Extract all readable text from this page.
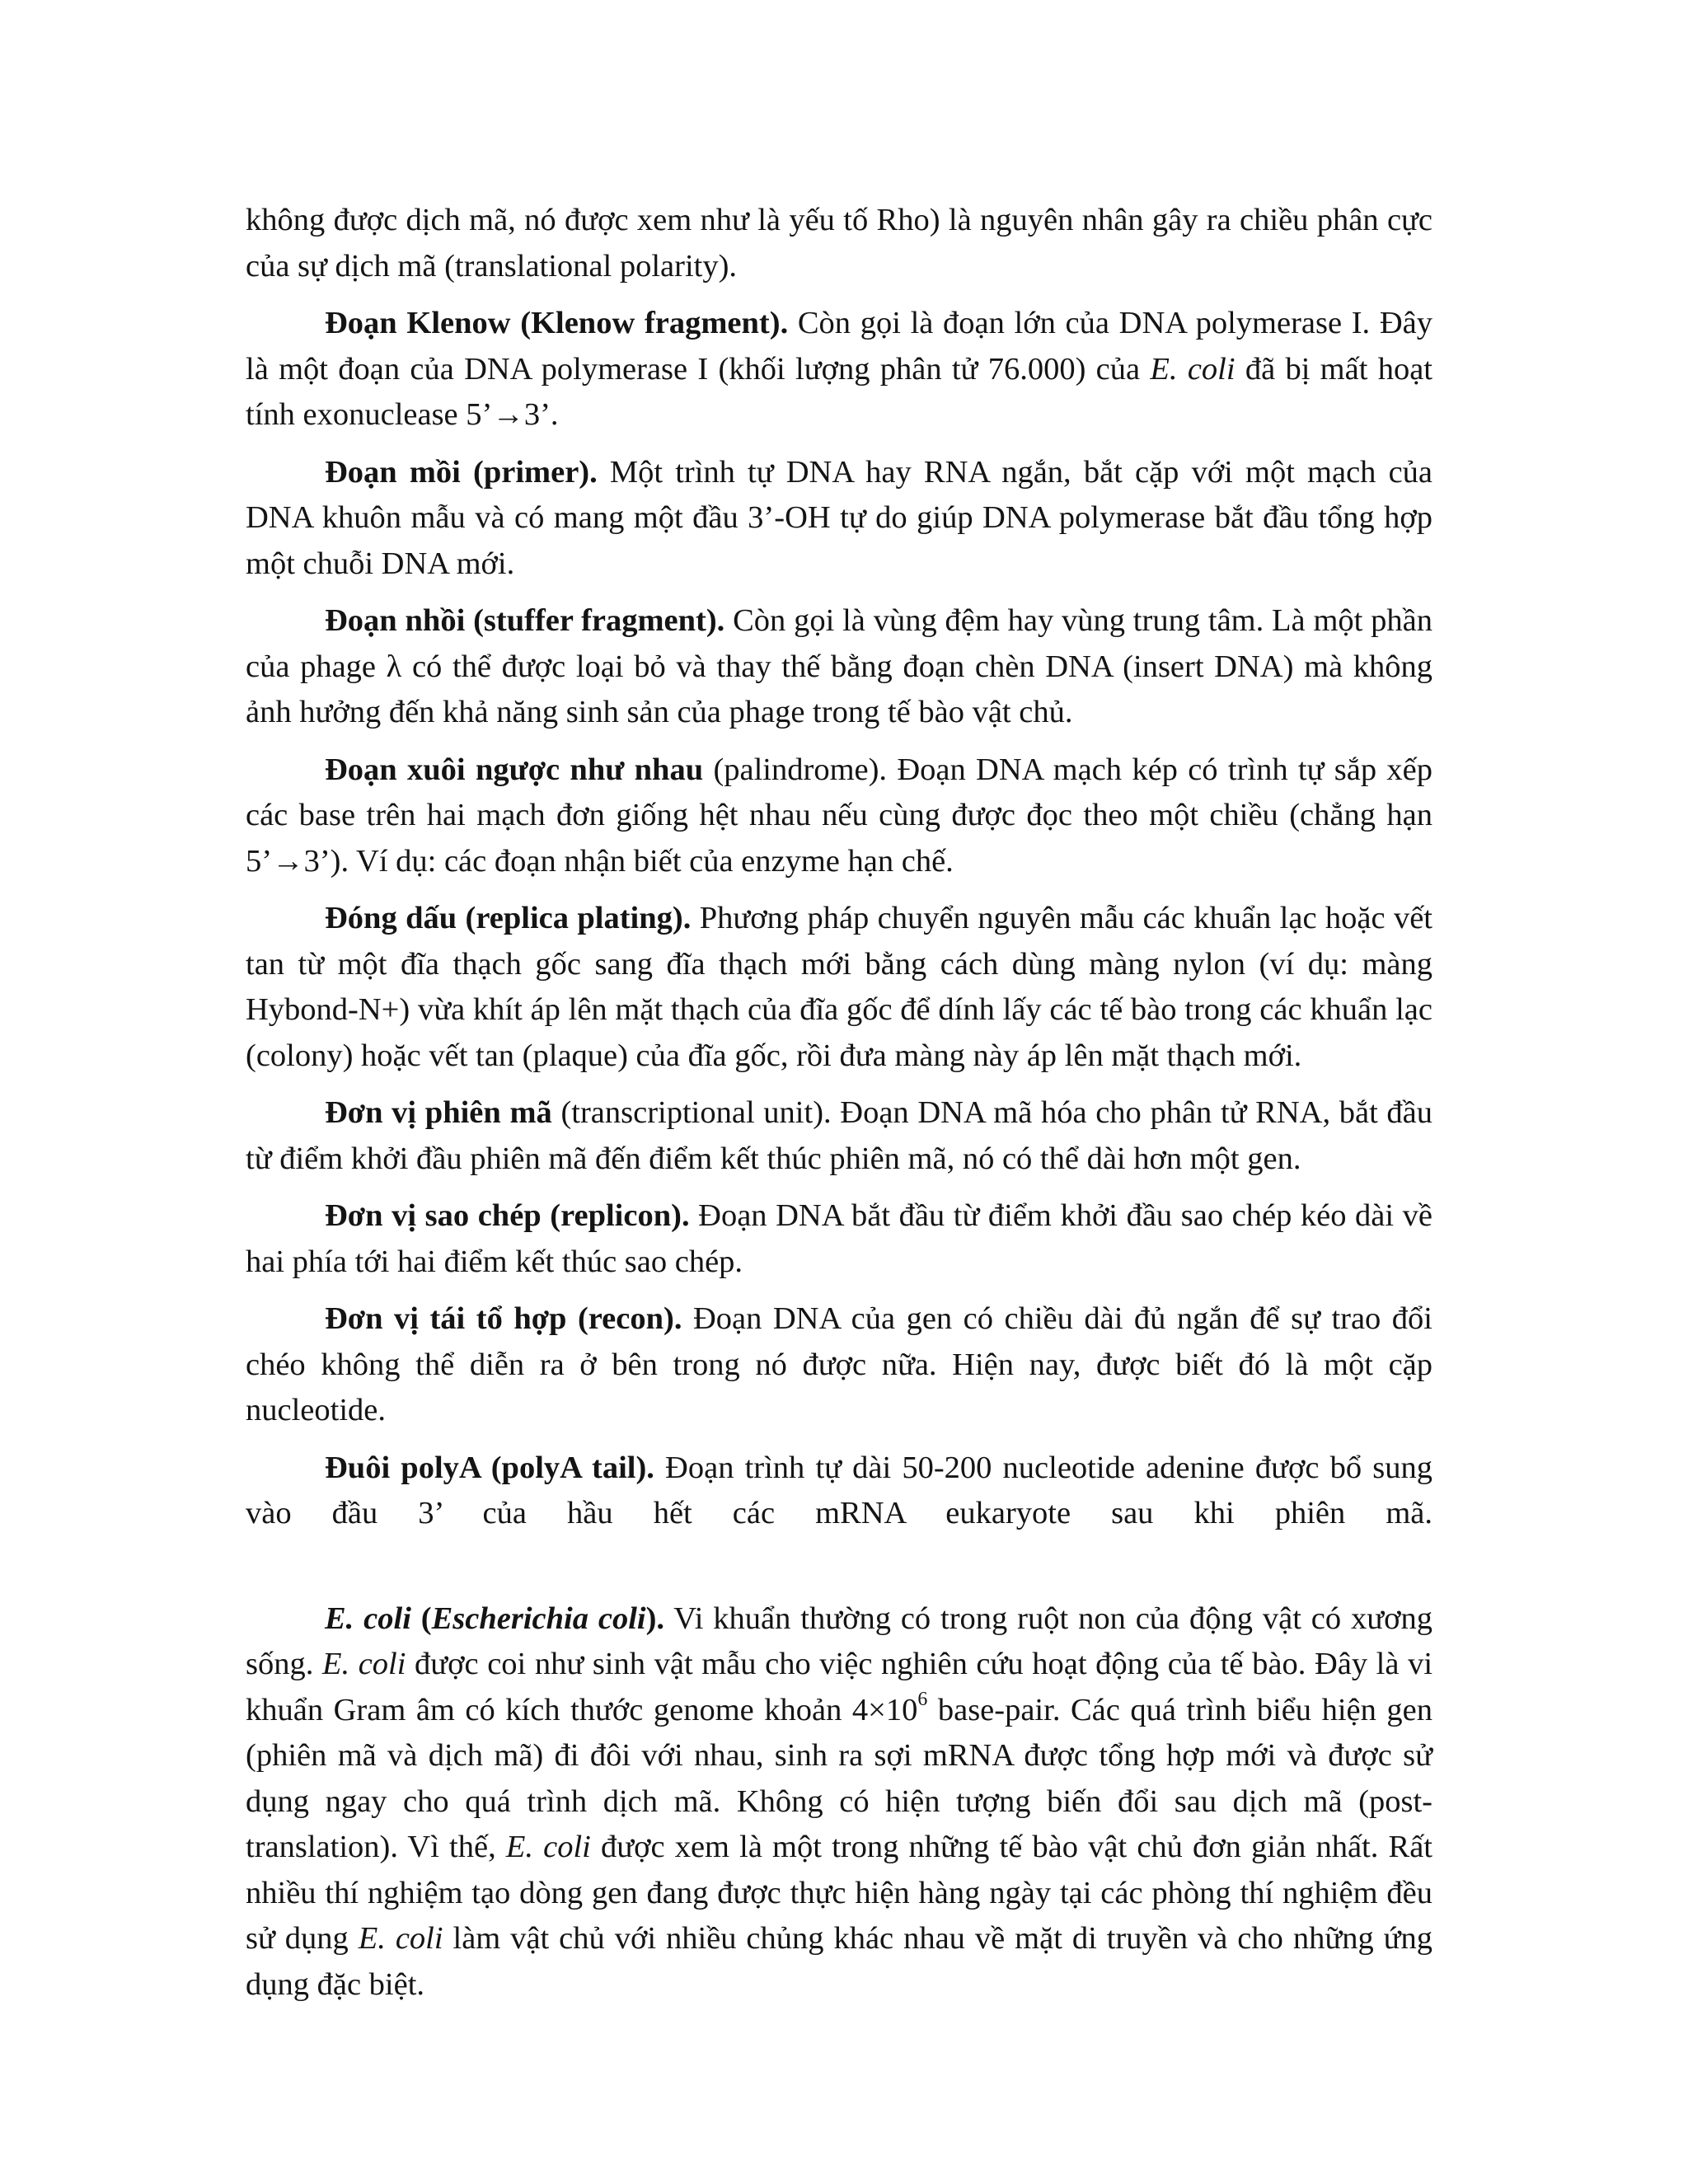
không được dịch mã, nó được xem như là yếu tố Rho) là nguyên nhân gây ra chiều phân cực của sự dịch mã (translational polarity).

Đoạn Klenow (Klenow fragment). Còn gọi là đoạn lớn của DNA polymerase I. Đây là một đoạn của DNA polymerase I (khối lượng phân tử 76.000) của E. coli đã bị mất hoạt tính exonuclease 5’→3’.

Đoạn mồi (primer). Một trình tự DNA hay RNA ngắn, bắt cặp với một mạch của DNA khuôn mẫu và có mang một đầu 3’-OH tự do giúp DNA polymerase bắt đầu tổng hợp một chuỗi DNA mới.

Đoạn nhồi (stuffer fragment). Còn gọi là vùng đệm hay vùng trung tâm. Là một phần của phage λ có thể được loại bỏ và thay thế bằng đoạn chèn DNA (insert DNA) mà không ảnh hưởng đến khả năng sinh sản của phage trong tế bào vật chủ.

Đoạn xuôi ngược như nhau (palindrome). Đoạn DNA mạch kép có trình tự sắp xếp các base trên hai mạch đơn giống hệt nhau nếu cùng được đọc theo một chiều (chẳng hạn 5’→3’). Ví dụ: các đoạn nhận biết của enzyme hạn chế.

Đóng dấu (replica plating). Phương pháp chuyển nguyên mẫu các khuẩn lạc hoặc vết tan từ một đĩa thạch gốc sang đĩa thạch mới bằng cách dùng màng nylon (ví dụ: màng Hybond-N+) vừa khít áp lên mặt thạch của đĩa gốc để dính lấy các tế bào trong các khuẩn lạc (colony) hoặc vết tan (plaque) của đĩa gốc, rồi đưa màng này áp lên mặt thạch mới.

Đơn vị phiên mã (transcriptional unit). Đoạn DNA mã hóa cho phân tử RNA, bắt đầu từ điểm khởi đầu phiên mã đến điểm kết thúc phiên mã, nó có thể dài hơn một gen.

Đơn vị sao chép (replicon). Đoạn DNA bắt đầu từ điểm khởi đầu sao chép kéo dài về hai phía tới hai điểm kết thúc sao chép.

Đơn vị tái tổ hợp (recon). Đoạn DNA của gen có chiều dài đủ ngắn để sự trao đổi chéo không thể diễn ra ở bên trong nó được nữa. Hiện nay, được biết đó là một cặp nucleotide.

Đuôi polyA (polyA tail). Đoạn trình tự dài 50-200 nucleotide adenine được bổ sung vào đầu 3’ của hầu hết các mRNA eukaryote sau khi phiên mã.

E. coli (Escherichia coli). Vi khuẩn thường có trong ruột non của động vật có xương sống. E. coli được coi như sinh vật mẫu cho việc nghiên cứu hoạt động của tế bào. Đây là vi khuẩn Gram âm có kích thước genome khoản $4\times 10^6$ base-pair. Các quá trình biểu hiện gen (phiên mã và dịch mã) đi đôi với nhau, sinh ra sợi mRNA được tổng hợp mới và được sử dụng ngay cho quá trình dịch mã. Không có hiện tượng biến đổi sau dịch mã (post-translation). Vì thế, E. coli được xem là một trong những tế bào vật chủ đơn giản nhất. Rất nhiều thí nghiệm tạo dòng gen đang được thực hiện hàng ngày tại các phòng thí nghiệm đều sử dụng E. coli làm vật chủ với nhiều chủng khác nhau về mặt di truyền và cho những ứng dụng đặc biệt.
